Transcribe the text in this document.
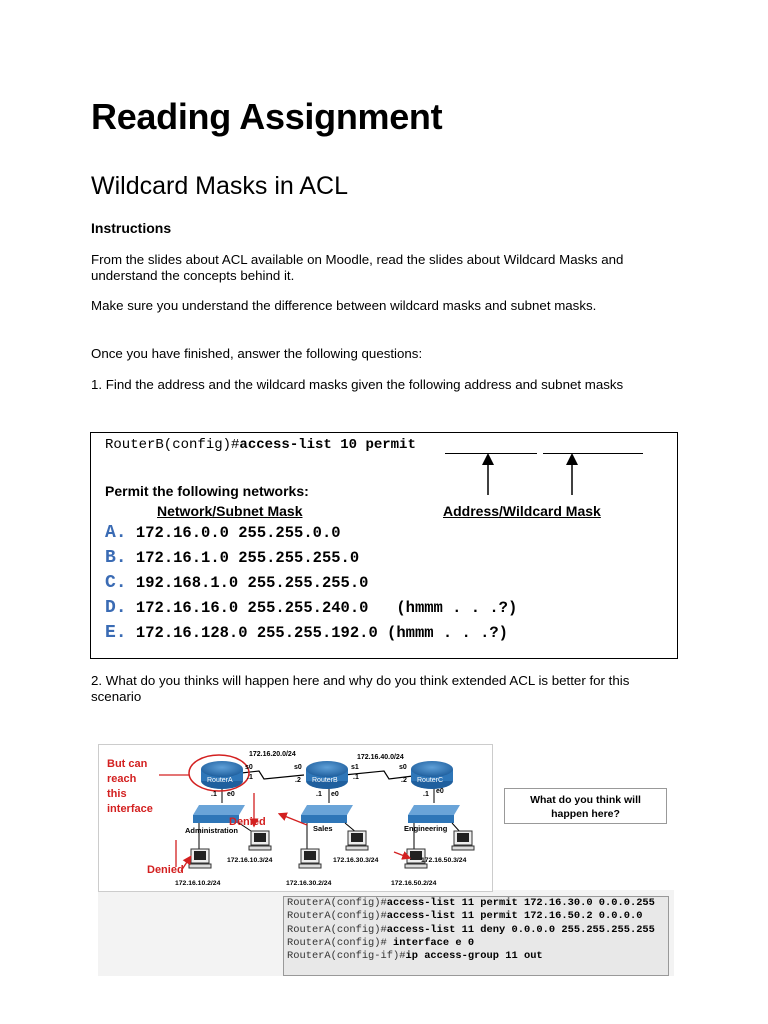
Reading Assignment
Wildcard Masks in ACL
Instructions
From the slides about ACL available on Moodle, read the slides about Wildcard Masks and understand the concepts behind it.
Make sure you understand the difference between wildcard masks and subnet masks.
Once you have finished, answer the following questions:
1. Find the address and the wildcard masks given the following address and subnet masks
RouterB(config)#access-list 10 permit
Permit the following networks:
Network/Subnet Mask	Address/Wildcard Mask
A. 172.16.0.0 255.255.0.0
B. 172.16.1.0 255.255.255.0
C. 192.168.1.0 255.255.255.0
D. 172.16.16.0 255.255.240.0   (hmmm . . .?)
E. 172.16.128.0 255.255.192.0 (hmmm . . .?)
2. What do you thinks will happen here and why do you think extended ACL is better for this scenario
RouterA	RouterB	RouterC
But can
reach
this
interface
Denied
Denied
172.16.20.0/24	172.16.40.0/24
s0
.1
.1 e0
s0
.2
s1
.1
.1 e0
s0
.2
.1 e0
Administration	Sales	Engineering
172.16.10.3/24
172.16.10.2/24
172.16.30.3/24
172.16.30.2/24
172.16.50.3/24
172.16.50.2/24
What do you think will
happen here?
RouterA(config)#access-list 11 permit 172.16.30.0 0.0.0.255
RouterA(config)#access-list 11 permit 172.16.50.2 0.0.0.0
RouterA(config)#access-list 11 deny 0.0.0.0 255.255.255.255
RouterA(config)# interface e 0
RouterA(config-if)#ip access-group 11 out
